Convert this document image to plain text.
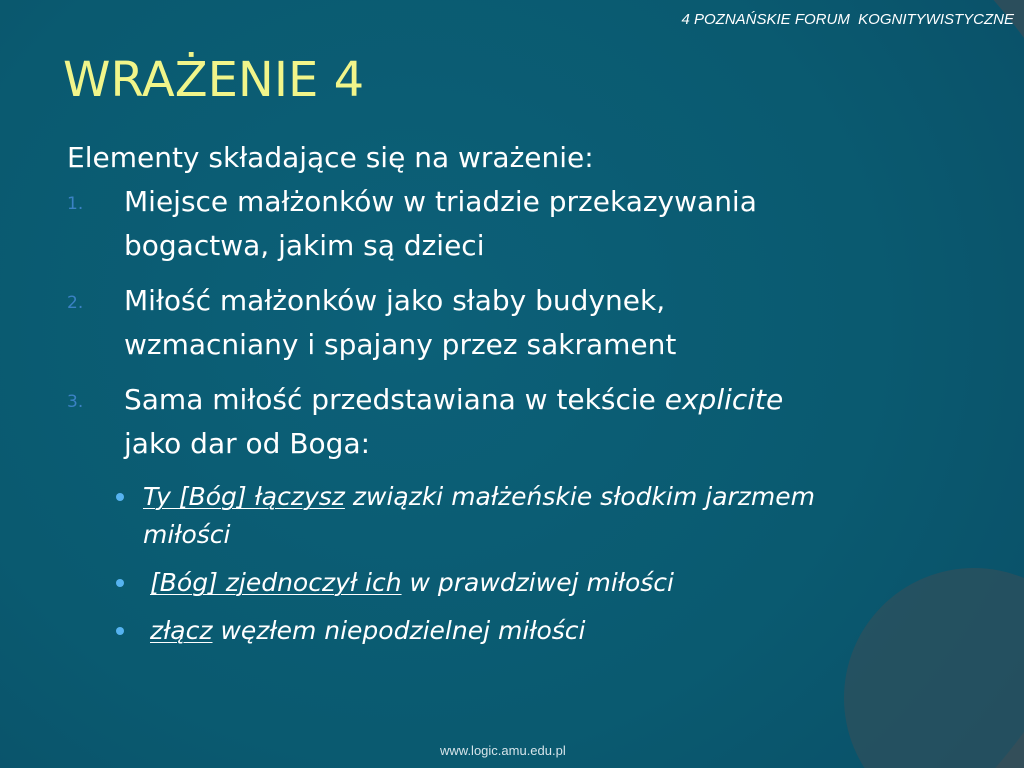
4 POZNAŃSKIE FORUM  KOGNITYWISTYCZNE
WRAŻENIE 4
Elementy składające się na wrażenie:
1.	Miejsce małżonków w triadzie przekazywania
bogactwa, jakim są dzieci
2.	Miłość małżonków jako słaby budynek,
wzmacniany i spajany przez sakrament
3.	Sama miłość przedstawiana w tekście explicite
jako dar od Boga:
Ty [Bóg] łączysz związki małżeńskie słodkim jarzmem
miłości
[Bóg] zjednoczył ich w prawdziwej miłości
złącz węzłem niepodzielnej miłości
www.logic.amu.edu.pl
